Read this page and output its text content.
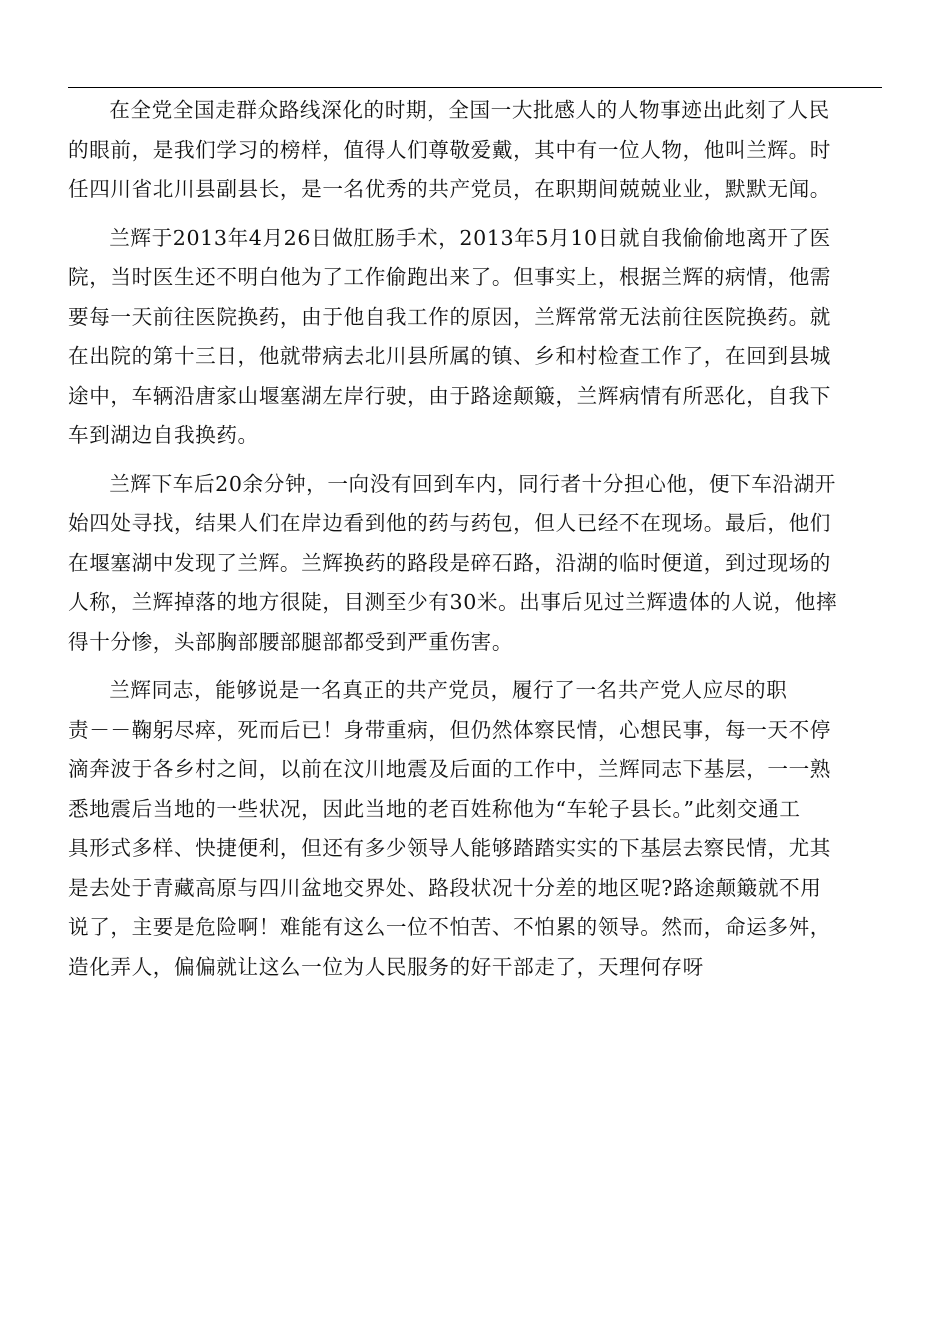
在全党全国走群众路线深化的时期，全国一大批感人的人物事迹出此刻了人民
的眼前，是我们学习的榜样，值得人们尊敬爱戴，其中有一位人物，他叫兰辉。时
任四川省北川县副县长，是一名优秀的共产党员，在职期间兢兢业业，默默无闻。

兰辉于2013年4月26日做肛肠手术，2013年5月10日就自我偷偷地离开了医
院，当时医生还不明白他为了工作偷跑出来了。但事实上，根据兰辉的病情，他需
要每一天前往医院换药，由于他自我工作的原因，兰辉常常无法前往医院换药。就
在出院的第十三日，他就带病去北川县所属的镇、乡和村检查工作了，在回到县城
途中，车辆沿唐家山堰塞湖左岸行驶，由于路途颠簸，兰辉病情有所恶化，自我下
车到湖边自我换药。

兰辉下车后20余分钟，一向没有回到车内，同行者十分担心他，便下车沿湖开
始四处寻找，结果人们在岸边看到他的药与药包，但人已经不在现场。最后，他们
在堰塞湖中发现了兰辉。兰辉换药的路段是碎石路，沿湖的临时便道，到过现场的
人称，兰辉掉落的地方很陡，目测至少有30米。出事后见过兰辉遗体的人说，他摔
得十分惨，头部胸部腰部腿部都受到严重伤害。

兰辉同志，能够说是一名真正的共产党员，履行了一名共产党人应尽的职
责－－鞠躬尽瘁，死而后已！身带重病，但仍然体察民情，心想民事，每一天不停
滴奔波于各乡村之间，以前在汶川地震及后面的工作中，兰辉同志下基层，一一熟
悉地震后当地的一些状况，因此当地的老百姓称他为“车轮子县长。”此刻交通工
具形式多样、快捷便利，但还有多少领导人能够踏踏实实的下基层去察民情，尤其
是去处于青藏高原与四川盆地交界处、路段状况十分差的地区呢?路途颠簸就不用
说了，主要是危险啊！难能有这么一位不怕苦、不怕累的领导。然而，命运多舛，
造化弄人，偏偏就让这么一位为人民服务的好干部走了，天理何存呀
